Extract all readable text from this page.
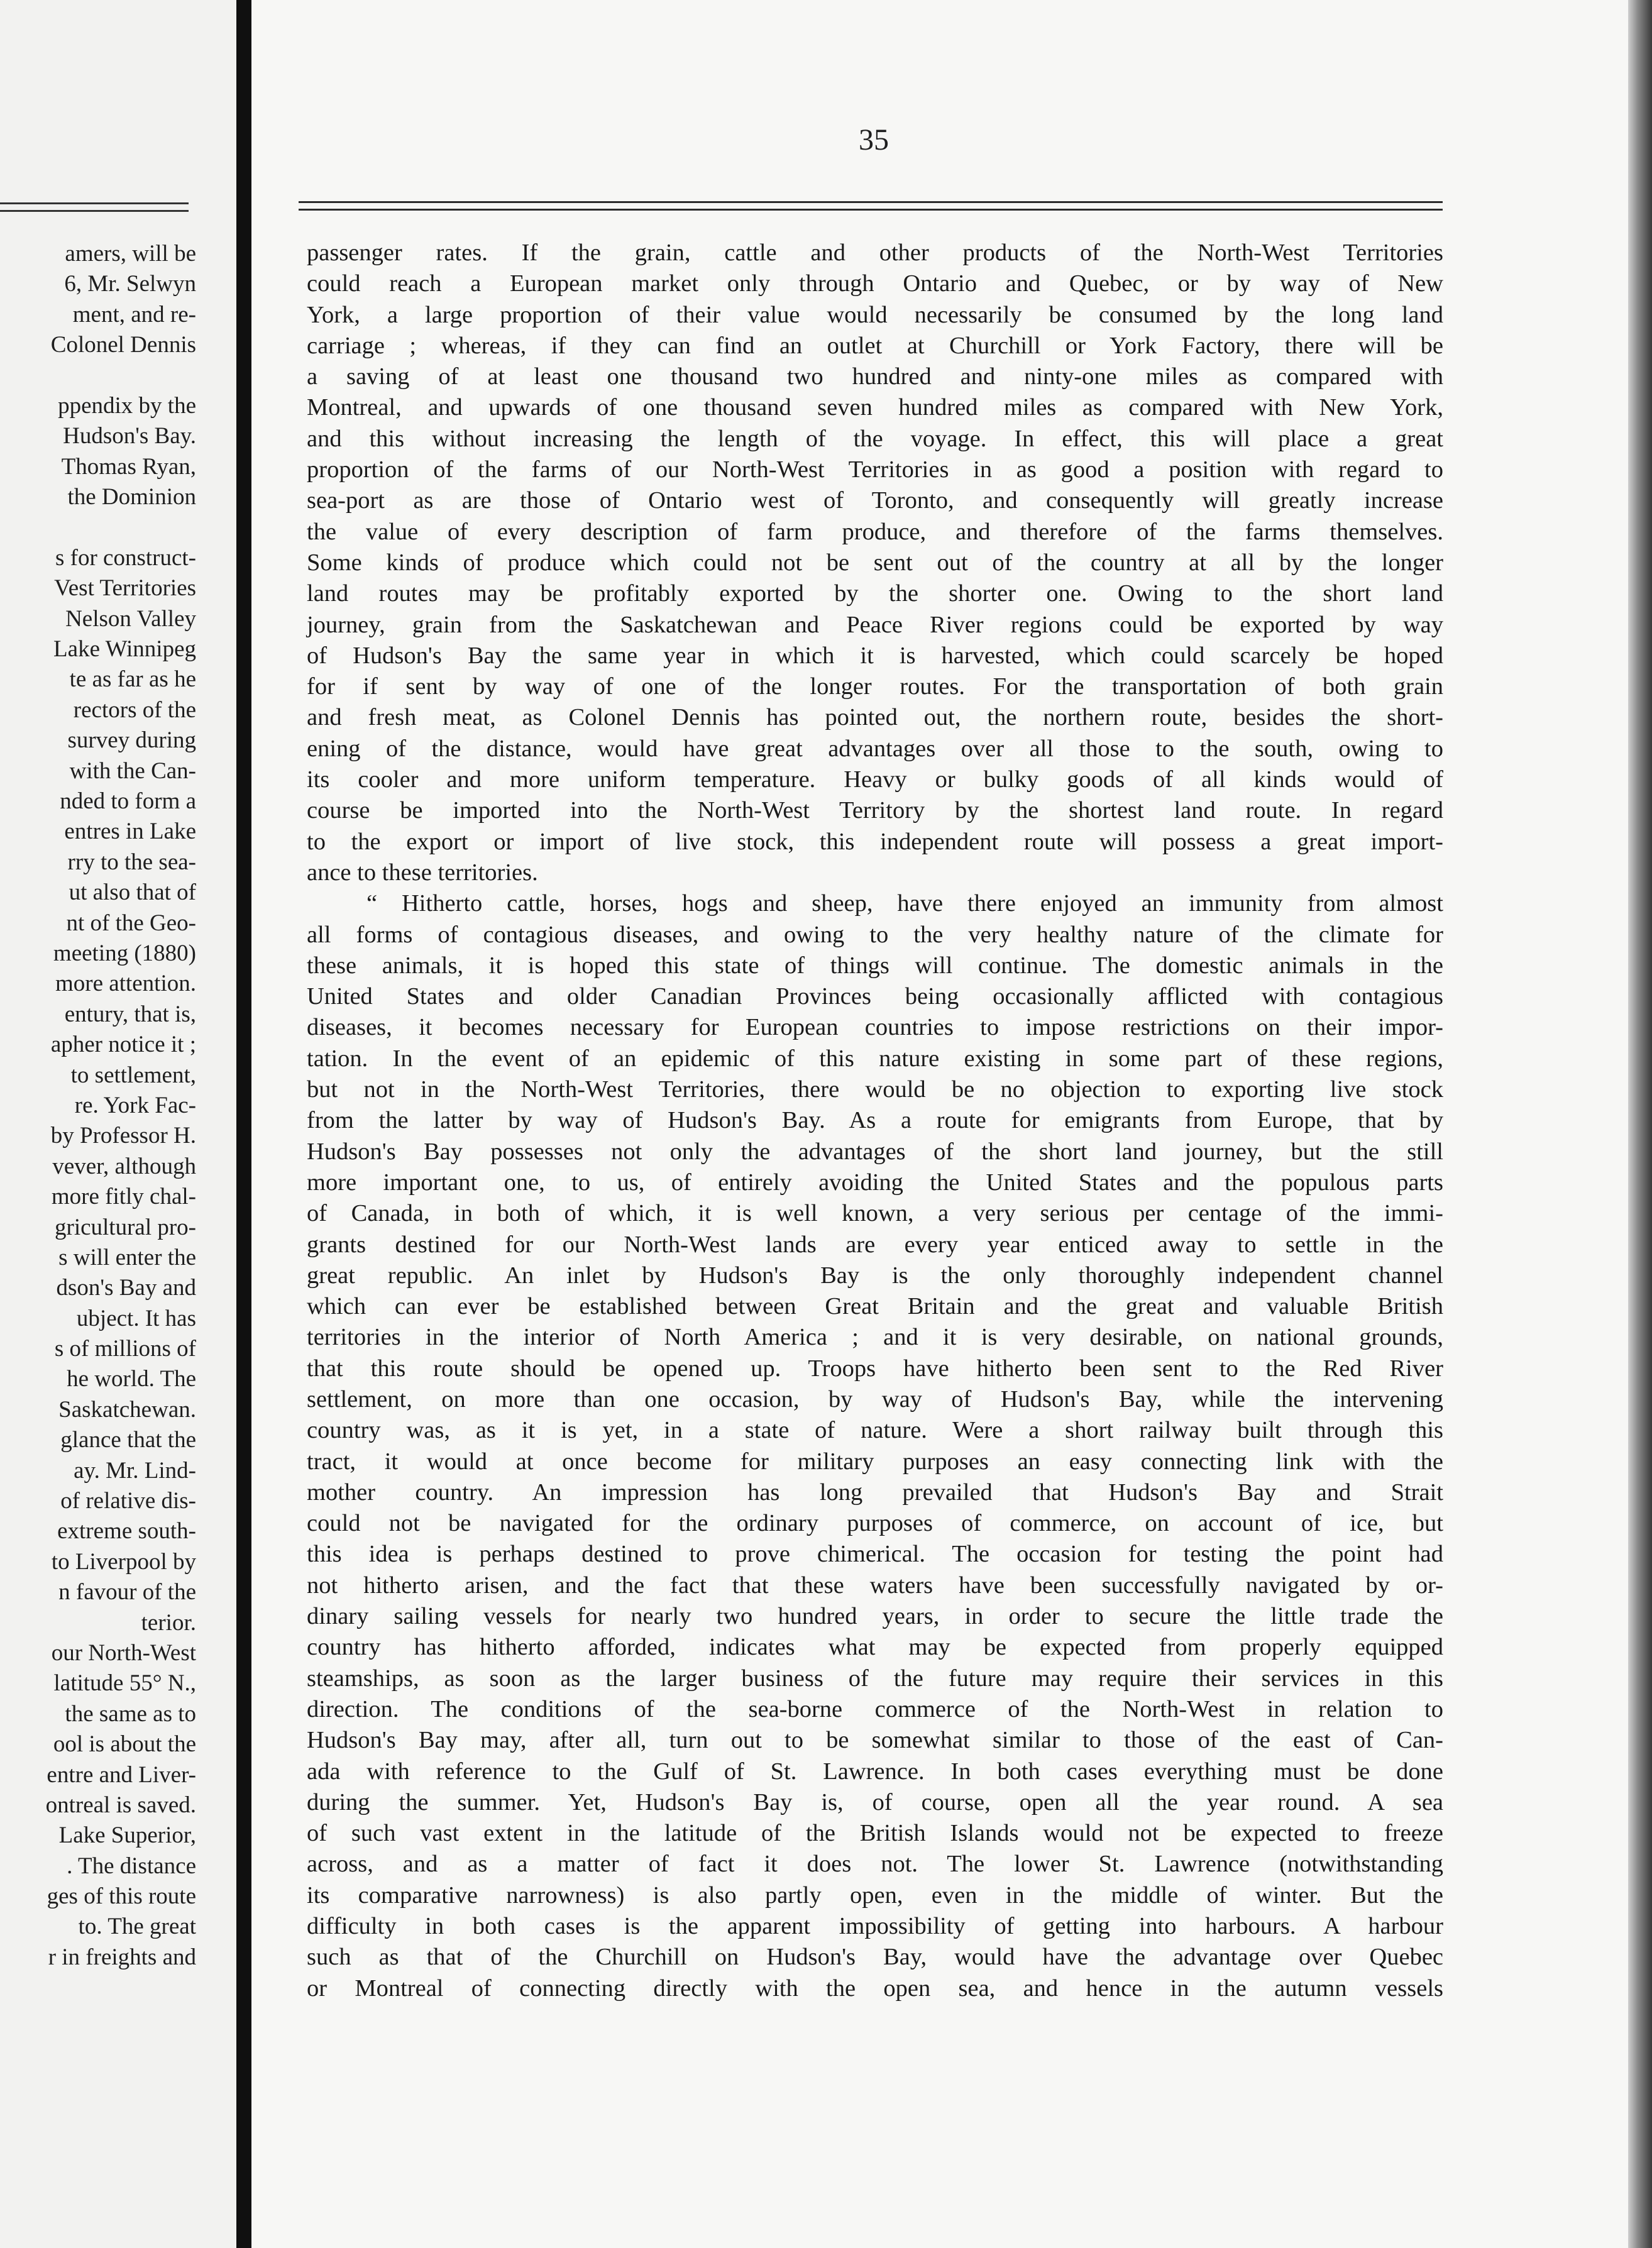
amers, will be
6, Mr. Selwyn
ment, and re-
Colonel Dennis
ppendix by the
Hudson's Bay.
Thomas Ryan,
the Dominion
s for construct-
Vest Territories
Nelson Valley
Lake Winnipeg
te as far as he
rectors of the
survey during
with the Can-
nded to form a
entres in Lake
rry to the sea-
ut also that of
nt of the Geo-
meeting (1880)
more attention.
entury, that is,
apher notice it ;
to settlement,
re. York Fac-
by Professor H.
vever, although
more fitly chal-
gricultural pro-
s will enter the
dson's Bay and
ubject. It has
s of millions of
he world. The
Saskatchewan.
glance that the
ay. Mr. Lind-
of relative dis-
extreme south-
to Liverpool by
n favour of the
terior.
our North-West
latitude 55° N.,
the same as to
ool is about the
entre and Liver-
ontreal is saved.
Lake Superior,
. The distance
ges of this route
to. The great
r in freights and
35
passenger rates. If the grain, cattle and other products of the North-West Territories
could reach a European market only through Ontario and Quebec, or by way of New
York, a large proportion of their value would necessarily be consumed by the long land
carriage ; whereas, if they can find an outlet at Churchill or York Factory, there will be
a saving of at least one thousand two hundred and ninty-one miles as compared with
Montreal, and upwards of one thousand seven hundred miles as compared with New York,
and this without increasing the length of the voyage. In effect, this will place a great
proportion of the farms of our North-West Territories in as good a position with regard to
sea-port as are those of Ontario west of Toronto, and consequently will greatly increase
the value of every description of farm produce, and therefore of the farms themselves.
Some kinds of produce which could not be sent out of the country at all by the longer
land routes may be profitably exported by the shorter one. Owing to the short land
journey, grain from the Saskatchewan and Peace River regions could be exported by way
of Hudson's Bay the same year in which it is harvested, which could scarcely be hoped
for if sent by way of one of the longer routes. For the transportation of both grain
and fresh meat, as Colonel Dennis has pointed out, the northern route, besides the short-
ening of the distance, would have great advantages over all those to the south, owing to
its cooler and more uniform temperature. Heavy or bulky goods of all kinds would of
course be imported into the North-West Territory by the shortest land route. In regard
to the export or import of live stock, this independent route will possess a great import-
ance to these territories.
“ Hitherto cattle, horses, hogs and sheep, have there enjoyed an immunity from almost
all forms of contagious diseases, and owing to the very healthy nature of the climate for
these animals, it is hoped this state of things will continue. The domestic animals in the
United States and older Canadian Provinces being occasionally afflicted with contagious
diseases, it becomes necessary for European countries to impose restrictions on their impor-
tation. In the event of an epidemic of this nature existing in some part of these regions,
but not in the North-West Territories, there would be no objection to exporting live stock
from the latter by way of Hudson's Bay. As a route for emigrants from Europe, that by
Hudson's Bay possesses not only the advantages of the short land journey, but the still
more important one, to us, of entirely avoiding the United States and the populous parts
of Canada, in both of which, it is well known, a very serious per centage of the immi-
grants destined for our North-West lands are every year enticed away to settle in the
great republic. An inlet by Hudson's Bay is the only thoroughly independent channel
which can ever be established between Great Britain and the great and valuable British
territories in the interior of North America ; and it is very desirable, on national grounds,
that this route should be opened up. Troops have hitherto been sent to the Red River
settlement, on more than one occasion, by way of Hudson's Bay, while the intervening
country was, as it is yet, in a state of nature. Were a short railway built through this
tract, it would at once become for military purposes an easy connecting link with the
mother country. An impression has long prevailed that Hudson's Bay and Strait
could not be navigated for the ordinary purposes of commerce, on account of ice, but
this idea is perhaps destined to prove chimerical. The occasion for testing the point had
not hitherto arisen, and the fact that these waters have been successfully navigated by or-
dinary sailing vessels for nearly two hundred years, in order to secure the little trade the
country has hitherto afforded, indicates what may be expected from properly equipped
steamships, as soon as the larger business of the future may require their services in this
direction. The conditions of the sea-borne commerce of the North-West in relation to
Hudson's Bay may, after all, turn out to be somewhat similar to those of the east of Can-
ada with reference to the Gulf of St. Lawrence. In both cases everything must be done
during the summer. Yet, Hudson's Bay is, of course, open all the year round. A sea
of such vast extent in the latitude of the British Islands would not be expected to freeze
across, and as a matter of fact it does not. The lower St. Lawrence (notwithstanding
its comparative narrowness) is also partly open, even in the middle of winter. But the
difficulty in both cases is the apparent impossibility of getting into harbours. A harbour
such as that of the Churchill on Hudson's Bay, would have the advantage over Quebec
or Montreal of connecting directly with the open sea, and hence in the autumn vessels
